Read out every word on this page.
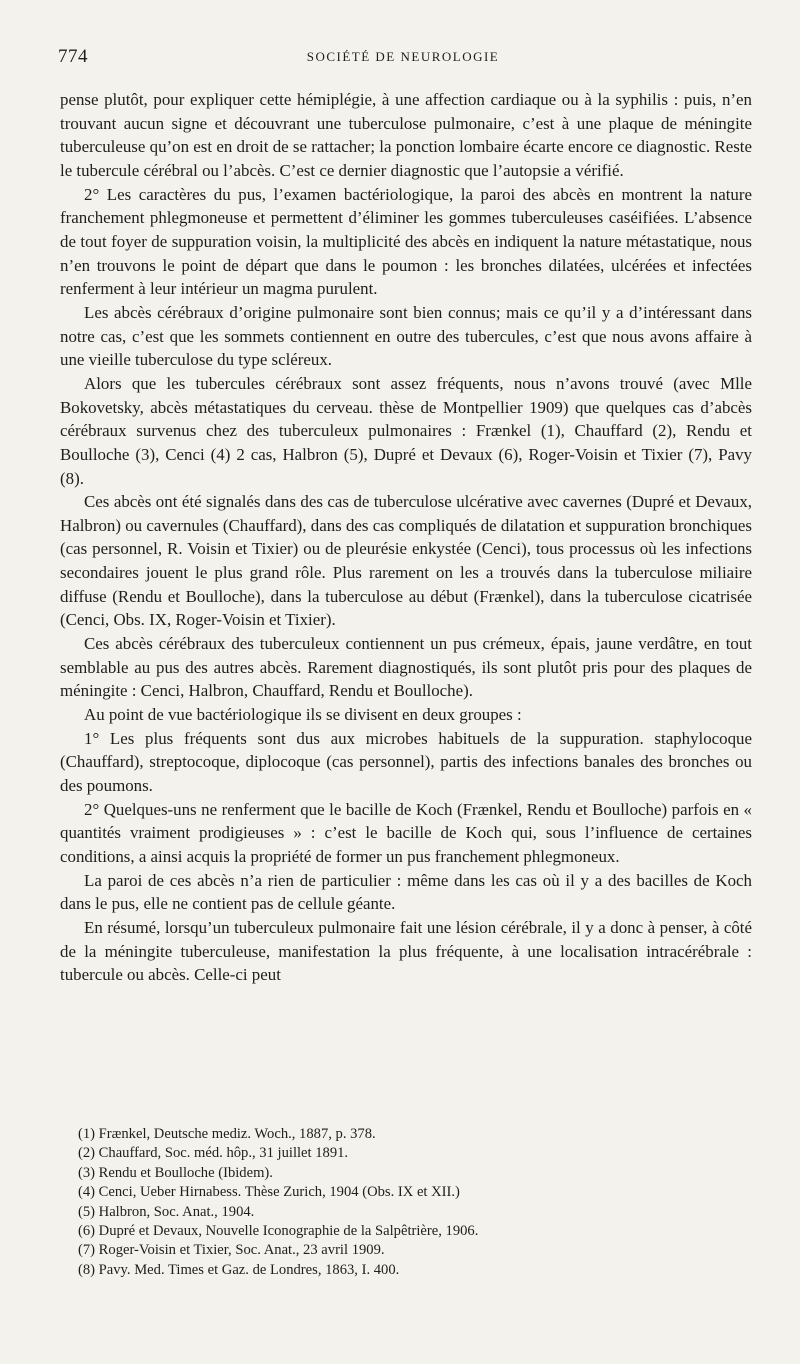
774	SOCIÉTÉ DE NEUROLOGIE

pense plutôt, pour expliquer cette hémiplégie, à une affection cardiaque ou à la syphilis : puis, n’en trouvant aucun signe et découvrant une tuberculose pulmonaire, c’est à une plaque de méningite tuberculeuse qu’on est en droit de se rattacher; la ponction lombaire écarte encore ce diagnostic. Reste le tubercule cérébral ou l’abcès. C’est ce dernier diagnostic que l’autopsie a vérifié.

2° Les caractères du pus, l’examen bactériologique, la paroi des abcès en montrent la nature franchement phlegmoneuse et permettent d’éliminer les gommes tuberculeuses caséifiées. L’absence de tout foyer de suppuration voisin, la multiplicité des abcès en indiquent la nature métastatique, nous n’en trouvons le point de départ que dans le poumon : les bronches dilatées, ulcérées et infectées renferment à leur intérieur un magma purulent.

Les abcès cérébraux d’origine pulmonaire sont bien connus; mais ce qu’il y a d’intéressant dans notre cas, c’est que les sommets contiennent en outre des tubercules, c’est que nous avons affaire à une vieille tuberculose du type scléreux.

Alors que les tubercules cérébraux sont assez fréquents, nous n’avons trouvé (avec Mlle Bokovetsky, abcès métastatiques du cerveau. thèse de Montpellier 1909) que quelques cas d’abcès cérébraux survenus chez des tuberculeux pulmonaires : Frænkel (1), Chauffard (2), Rendu et Boulloche (3), Cenci (4) 2 cas, Halbron (5), Dupré et Devaux (6), Roger-Voisin et Tixier (7), Pavy (8).

Ces abcès ont été signalés dans des cas de tuberculose ulcérative avec cavernes (Dupré et Devaux, Halbron) ou cavernules (Chauffard), dans des cas compliqués de dilatation et suppuration bronchiques (cas personnel, R. Voisin et Tixier) ou de pleurésie enkystée (Cenci), tous processus où les infections secondaires jouent le plus grand rôle. Plus rarement on les a trouvés dans la tuberculose miliaire diffuse (Rendu et Boulloche), dans la tuberculose au début (Frænkel), dans la tuberculose cicatrisée (Cenci, Obs. IX, Roger-Voisin et Tixier).

Ces abcès cérébraux des tuberculeux contiennent un pus crémeux, épais, jaune verdâtre, en tout semblable au pus des autres abcès. Rarement diagnostiqués, ils sont plutôt pris pour des plaques de méningite : Cenci, Halbron, Chauffard, Rendu et Boulloche).

Au point de vue bactériologique ils se divisent en deux groupes :

1° Les plus fréquents sont dus aux microbes habituels de la suppuration. staphylocoque (Chauffard), streptocoque, diplocoque (cas personnel), partis des infections banales des bronches ou des poumons.

2° Quelques-uns ne renferment que le bacille de Koch (Frænkel, Rendu et Boulloche) parfois en « quantités vraiment prodigieuses » : c’est le bacille de Koch qui, sous l’influence de certaines conditions, a ainsi acquis la propriété de former un pus franchement phlegmoneux.

La paroi de ces abcès n’a rien de particulier : même dans les cas où il y a des bacilles de Koch dans le pus, elle ne contient pas de cellule géante.

En résumé, lorsqu’un tuberculeux pulmonaire fait une lésion cérébrale, il y a donc à penser, à côté de la méningite tuberculeuse, manifestation la plus fréquente, à une localisation intracérébrale : tubercule ou abcès. Celle-ci peut

(1) Frænkel, Deutsche mediz. Woch., 1887, p. 378.

(2) Chauffard, Soc. méd. hôp., 31 juillet 1891.

(3) Rendu et Boulloche (Ibidem).

(4) Cenci, Ueber Hirnabess. Thèse Zurich, 1904 (Obs. IX et XII.)

(5) Halbron, Soc. Anat., 1904.

(6) Dupré et Devaux, Nouvelle Iconographie de la Salpêtrière, 1906.

(7) Roger-Voisin et Tixier, Soc. Anat., 23 avril 1909.

(8) Pavy. Med. Times et Gaz. de Londres, 1863, I. 400.
